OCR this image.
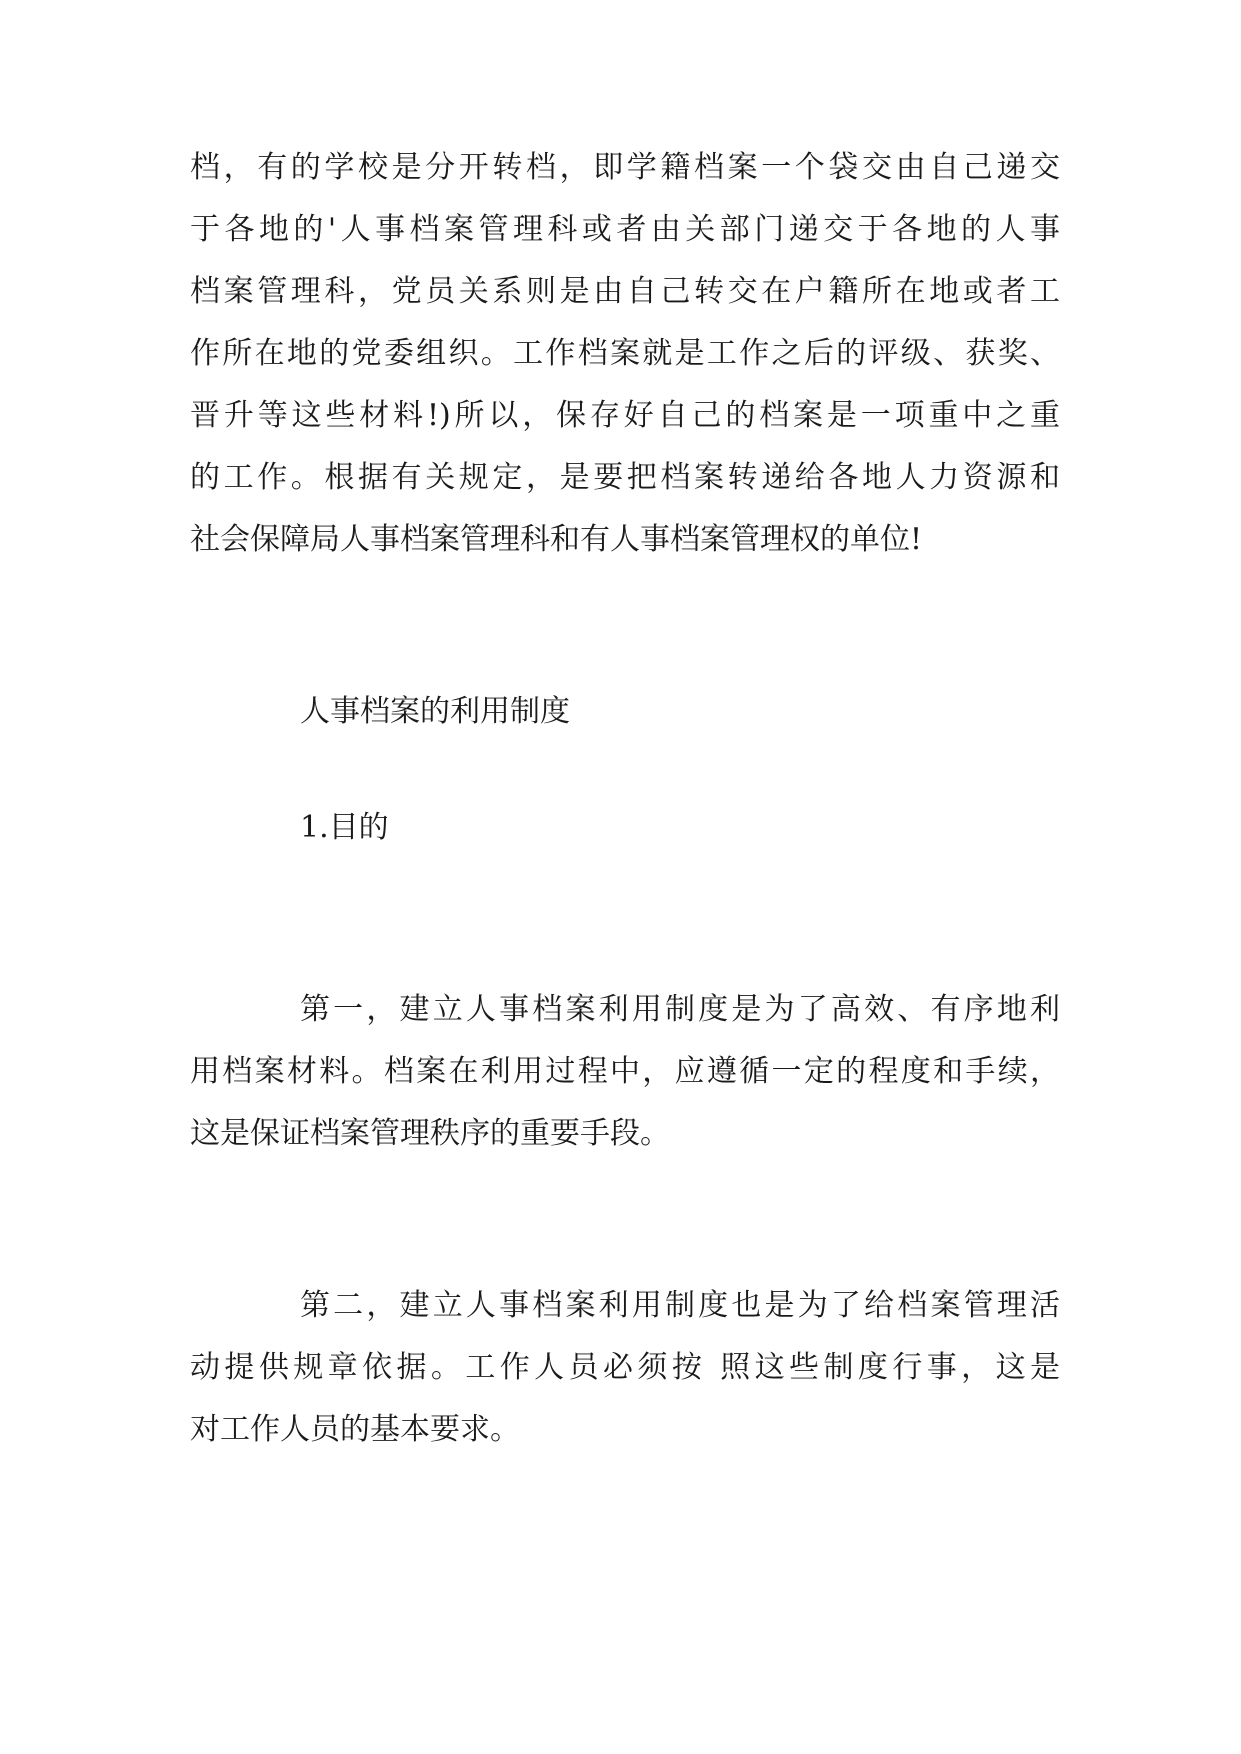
档，有的学校是分开转档，即学籍档案一个袋交由自己递交
于各地的'人事档案管理科或者由关部门递交于各地的人事
档案管理科，党员关系则是由自己转交在户籍所在地或者工
作所在地的党委组织。工作档案就是工作之后的评级、获奖、
晋升等这些材料!)所以，保存好自己的档案是一项重中之重
的工作。根据有关规定，是要把档案转递给各地人力资源和
社会保障局人事档案管理科和有人事档案管理权的单位!
人事档案的利用制度
1.目的
第一，建立人事档案利用制度是为了高效、有序地利
用档案材料。档案在利用过程中，应遵循一定的程度和手续，
这是保证档案管理秩序的重要手段。
第二，建立人事档案利用制度也是为了给档案管理活
动提供规章依据。工作人员必须按 照这些制度行事，这是
对工作人员的基本要求。
